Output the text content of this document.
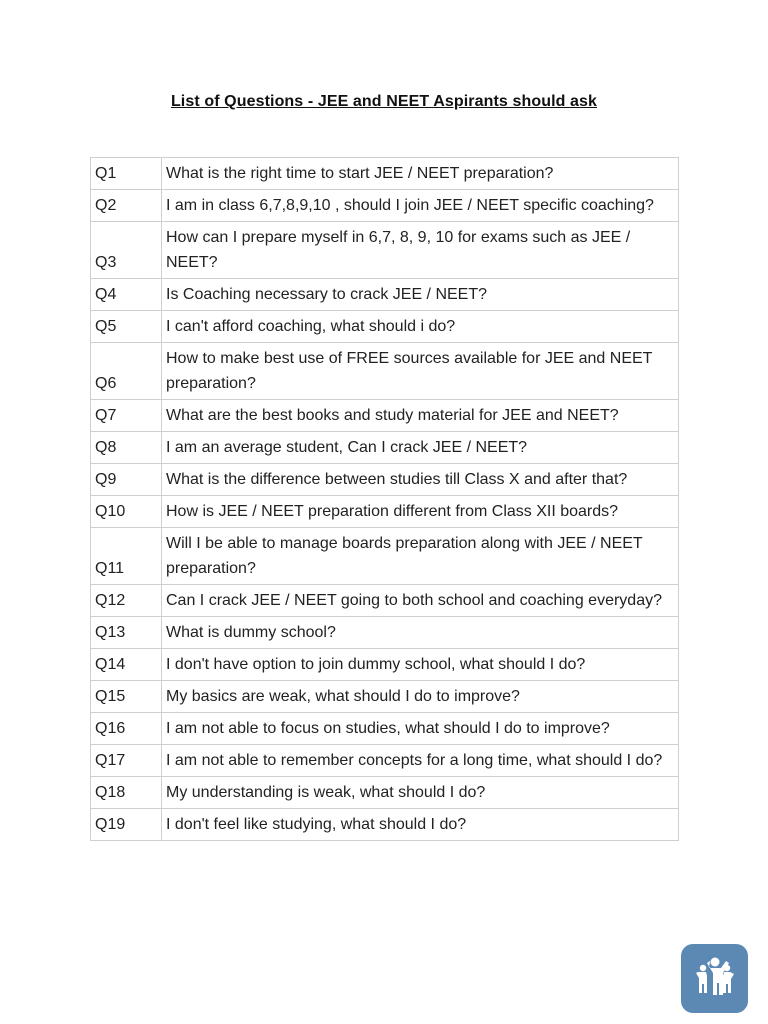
List of Questions - JEE and NEET Aspirants should ask
Q1	What is the right time to start JEE / NEET preparation?
Q2	I am in class 6,7,8,9,10 , should I join JEE / NEET specific coaching?
Q3	How can I prepare myself in 6,7, 8, 9, 10 for exams such as JEE / NEET?
Q4	Is Coaching necessary to crack JEE / NEET?
Q5	I can't afford coaching, what should i do?
Q6	How to make best use of FREE sources available for JEE and NEET preparation?
Q7	What are the best books and study material for JEE and NEET?
Q8	I am an average student, Can I crack JEE / NEET?
Q9	What is the difference between studies till Class X and after that?
Q10	How is JEE / NEET preparation different from Class XII boards?
Q11	Will I be able to manage boards preparation along with JEE / NEET preparation?
Q12	Can I crack JEE / NEET going to both school and coaching everyday?
Q13	What is dummy school?
Q14	I don't have option to join dummy school, what should I do?
Q15	My basics are weak, what should I do to improve?
Q16	I am not able to focus on studies, what should I do to improve?
Q17	I am not able to remember concepts for a long time, what should I do?
Q18	My understanding is weak, what should I do?
Q19	I don't feel like studying, what should I do?
